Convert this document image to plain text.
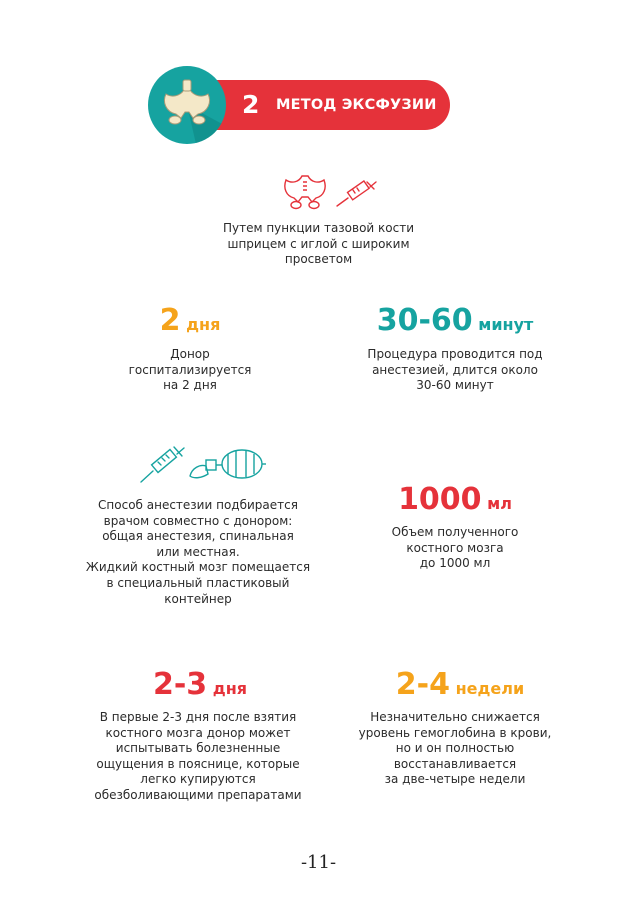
2 МЕТОД ЭКСФУЗИИ
Путем пункции тазовой кости
шприцем с иглой с широким
просветом
2 дня
Донор
госпитализируется
на 2 дня
30-60 минут
Процедура проводится под
анестезией, длится около
30-60 минут
Способ анестезии подбирается
врачом совместно с донором:
общая анестезия, спинальная
или местная.
Жидкий костный мозг помещается
в специальный пластиковый
контейнер
1000 мл
Объем полученного
костного мозга
до 1000 мл
2-3 дня
В первые 2-3 дня после взятия
костного мозга донор может
испытывать болезненные
ощущения в пояснице, которые
легко купируются
обезболивающими препаратами
2-4 недели
Незначительно снижается
уровень гемоглобина в крови,
но и он полностью
восстанавливается
за две-четыре недели
-11-
